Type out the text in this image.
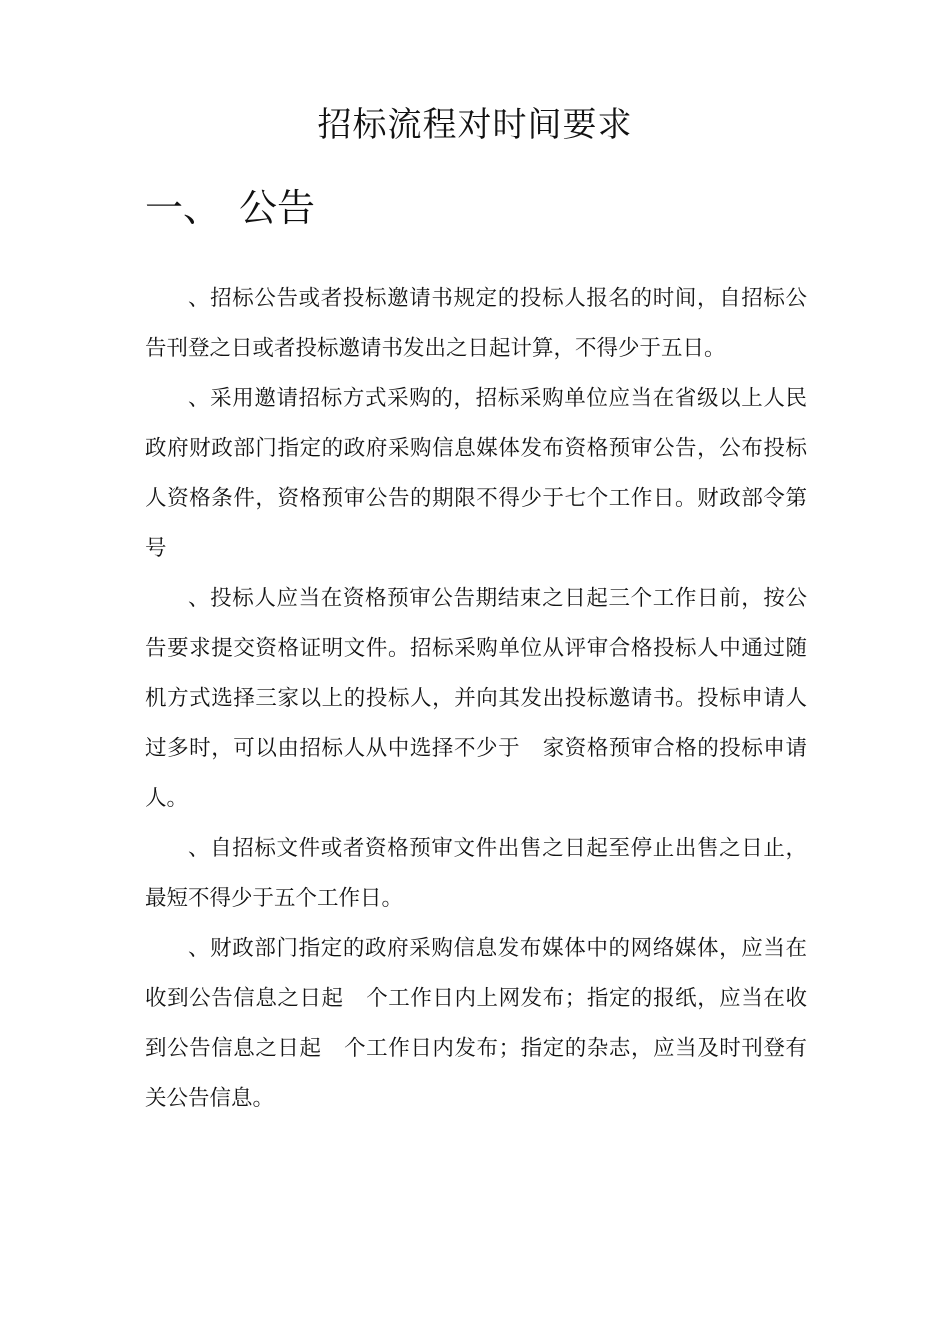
招标流程对时间要求
一、 公告

、招标公告或者投标邀请书规定的投标人报名的时间，自招标公告刊登之日或者投标邀请书发出之日起计算，不得少于五日。

、采用邀请招标方式采购的，招标采购单位应当在省级以上人民政府财政部门指定的政府采购信息媒体发布资格预审公告，公布投标人资格条件，资格预审公告的期限不得少于七个工作日。财政部令第　号

、投标人应当在资格预审公告期结束之日起三个工作日前，按公告要求提交资格证明文件。招标采购单位从评审合格投标人中通过随机方式选择三家以上的投标人，并向其发出投标邀请书。投标申请人过多时，可以由招标人从中选择不少于 家资格预审合格的投标申请人。

、自招标文件或者资格预审文件出售之日起至停止出售之日止，最短不得少于五个工作日。

、财政部门指定的政府采购信息发布媒体中的网络媒体，应当在收到公告信息之日起 个工作日内上网发布；指定的报纸，应当在收到公告信息之日起 个工作日内发布；指定的杂志，应当及时刊登有关公告信息。
